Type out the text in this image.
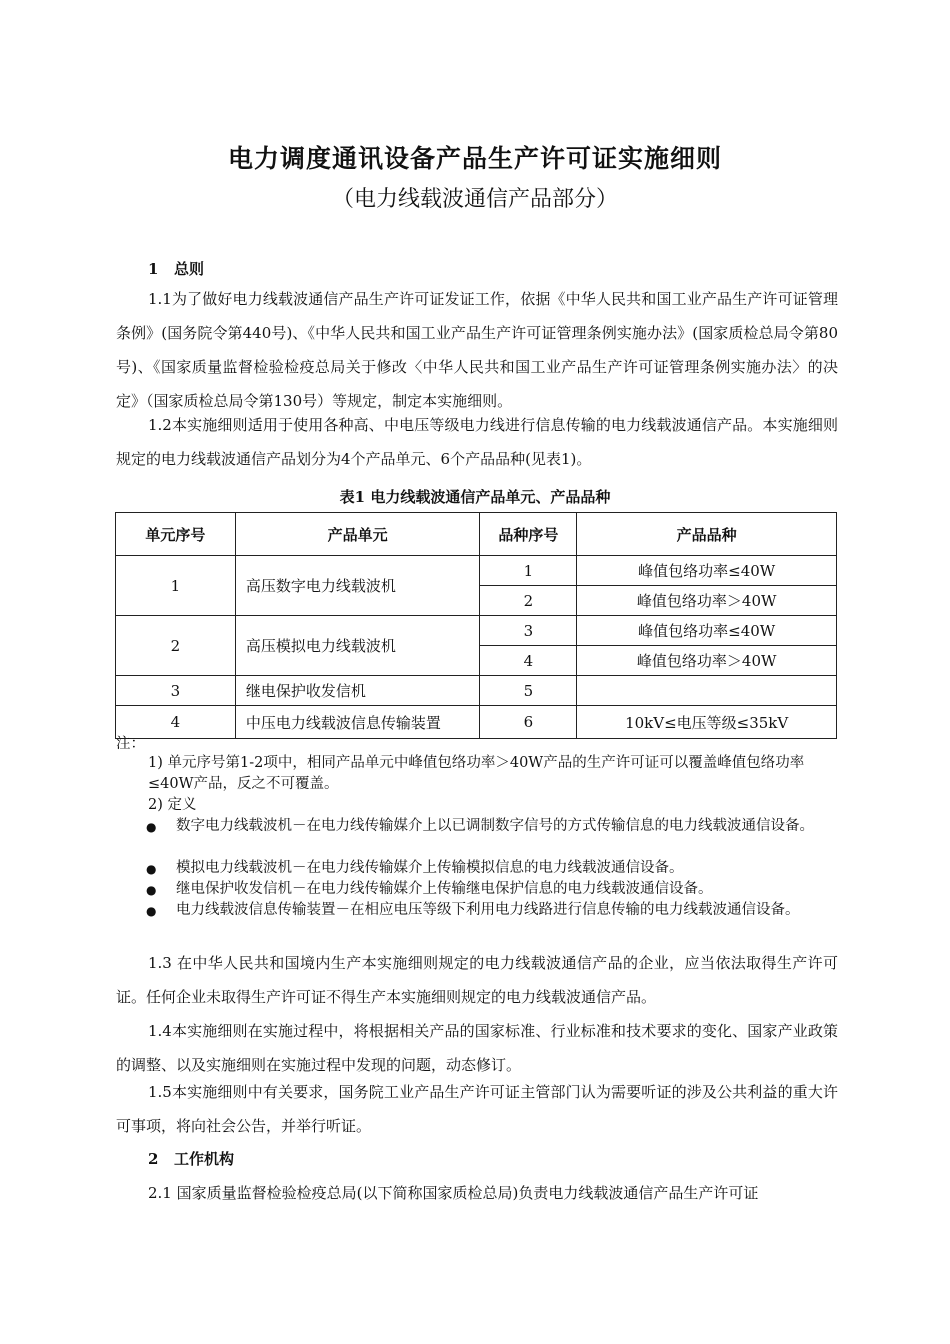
电力调度通讯设备产品生产许可证实施细则
（电力线载波通信产品部分）
1 总则
1.1为了做好电力线载波通信产品生产许可证发证工作，依据《中华人民共和国工业产品生产许可证管理条例》(国务院令第440号)、《中华人民共和国工业产品生产许可证管理条例实施办法》(国家质检总局令第80号)、《国家质量监督检验检疫总局关于修改〈中华人民共和国工业产品生产许可证管理条例实施办法〉的决定》（国家质检总局令第130号）等规定，制定本实施细则。
1.2本实施细则适用于使用各种高、中电压等级电力线进行信息传输的电力线载波通信产品。本实施细则规定的电力线载波通信产品划分为4个产品单元、6个产品品种(见表1)。
表1 电力线载波通信产品单元、产品品种
单元序号	产品单元	品种序号	产品品种
1	高压数字电力线载波机	1	峰值包络功率≤40W
		2	峰值包络功率＞40W
2	高压模拟电力线载波机	3	峰值包络功率≤40W
		4	峰值包络功率＞40W
3	继电保护收发信机	5	
4	中压电力线载波信息传输装置	6	10kV≤电压等级≤35kV
注：
1) 单元序号第1-2项中，相同产品单元中峰值包络功率＞40W产品的生产许可证可以覆盖峰值包络功率≤40W产品，反之不可覆盖。
2) 定义
● 数字电力线载波机－在电力线传输媒介上以已调制数字信号的方式传输信息的电力线载波通信设备。
● 模拟电力线载波机－在电力线传输媒介上传输模拟信息的电力线载波通信设备。
● 继电保护收发信机－在电力线传输媒介上传输继电保护信息的电力线载波通信设备。
● 电力线载波信息传输装置－在相应电压等级下利用电力线路进行信息传输的电力线载波通信设备。
1.3 在中华人民共和国境内生产本实施细则规定的电力线载波通信产品的企业，应当依法取得生产许可证。任何企业未取得生产许可证不得生产本实施细则规定的电力线载波通信产品。
1.4本实施细则在实施过程中，将根据相关产品的国家标准、行业标准和技术要求的变化、国家产业政策的调整、以及实施细则在实施过程中发现的问题，动态修订。
1.5本实施细则中有关要求，国务院工业产品生产许可证主管部门认为需要听证的涉及公共利益的重大许可事项，将向社会公告，并举行听证。
2 工作机构
2.1 国家质量监督检验检疫总局(以下简称国家质检总局)负责电力线载波通信产品生产许可证
